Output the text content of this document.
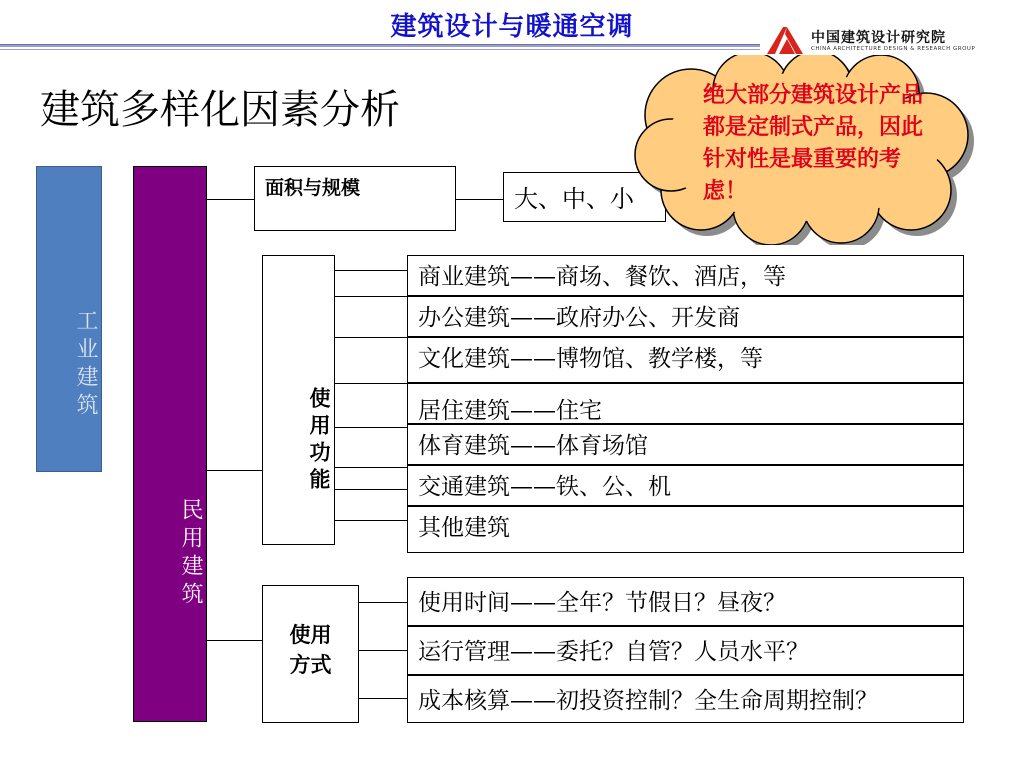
建筑设计与暖通空调	中国建筑设计研究院
CHINA ARCHITECTURE DESIGN & RESEARCH GROUP
建筑多样化因素分析
工业建筑
民用建筑
面积与规模	大、中、小
使用功能
商业建筑——商场、餐饮、酒店，等
办公建筑——政府办公、开发商
文化建筑——博物馆、教学楼，等
居住建筑——住宅
体育建筑——体育场馆
交通建筑——铁、公、机
其他建筑
使用
方式
使用时间——全年？节假日？昼夜？
运行管理——委托？自管？人员水平？
成本核算——初投资控制？全生命周期控制？
绝大部分建筑设计产品都是定制式产品，因此针对性是最重要的考虑！
